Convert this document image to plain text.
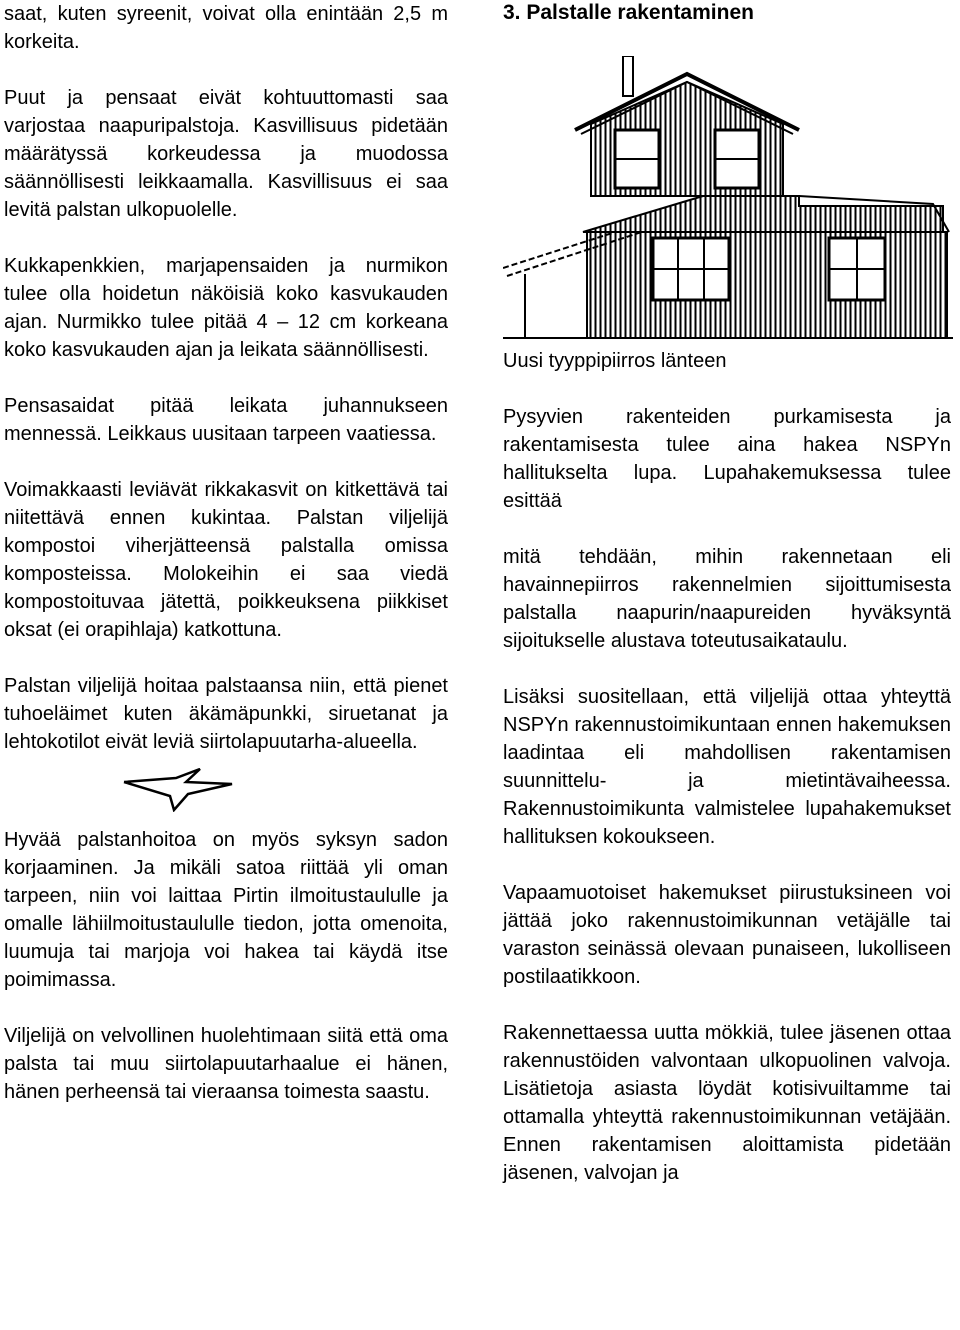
saat, kuten syreenit, voivat olla enintään 2,5 m korkeita.

Puut ja pensaat eivät kohtuuttomasti saa varjostaa naapuripalstoja. Kasvillisuus pidetään määrätyssä korkeudessa ja muodossa säännöllisesti leikkaamalla. Kasvillisuus ei saa levitä palstan ulkopuolelle.

Kukkapenkkien, marjapensaiden ja nurmikon tulee olla hoidetun näköisiä koko kasvukauden ajan. Nurmikko tulee pitää 4 – 12 cm korkeana koko kasvukauden ajan ja leikata säännöllisesti.

Pensasaidat pitää leikata juhannukseen mennessä. Leikkaus uusitaan tarpeen vaatiessa.

Voimakkaasti leviävät rikkakasvit on kitkettävä tai niitettävä ennen kukintaa. Palstan viljelijä kompostoi viherjätteensä palstalla omissa komposteissa. Molokeihin ei saa viedä kompostoituvaa jätettä, poikkeuksena piikkiset oksat (ei orapihlaja) katkottuna.

Palstan viljelijä hoitaa palstaansa niin, että pienet tuhoeläimet kuten äkämäpunkki, siruetanat ja lehtokotilot eivät leviä siirtolapuutarha-alueella.

Hyvää palstanhoitoa on myös syksyn sadon korjaaminen. Ja mikäli satoa riittää yli oman tarpeen, niin voi laittaa Pirtin ilmoitustaululle ja omalle lähiilmoitustaululle tiedon, jotta omenoita, luumuja tai marjoja voi hakea tai käydä itse poimimassa.

Viljelijä on velvollinen huolehtimaan siitä että oma palsta tai muu siirtolapuutarhaalue ei hänen, hänen perheensä tai vieraansa toimesta saastu.

3. Palstalle rakentaminen

Uusi tyyppipiirros länteen

Pysyvien rakenteiden purkamisesta ja rakentamisesta tulee aina hakea NSPYn hallitukselta lupa. Lupahakemuksessa tulee esittää

mitä tehdään, mihin rakennetaan eli havainnepiirros rakennelmien sijoittumisesta palstalla naapurin/naapureiden hyväksyntä sijoitukselle alustava toteutusaikataulu.

Lisäksi suositellaan, että viljelijä ottaa yhteyttä NSPYn rakennustoimikuntaan ennen hakemuksen laadintaa eli mahdollisen rakentamisen suunnittelu- ja mietintävaiheessa. Rakennustoimikunta valmistelee lupahakemukset hallituksen kokoukseen.

Vapaamuotoiset hakemukset piirustuksineen voi jättää joko rakennustoimikunnan vetäjälle tai varaston seinässä olevaan punaiseen, lukolliseen postilaatikkoon.

Rakennettaessa uutta mökkiä, tulee jäsenen ottaa rakennustöiden valvontaan ulkopuolinen valvoja. Lisätietoja asiasta löydät kotisivuiltamme tai ottamalla yhteyttä rakennustoimikunnan vetäjään. Ennen rakentamisen aloittamista pidetään jäsenen, valvojan ja
